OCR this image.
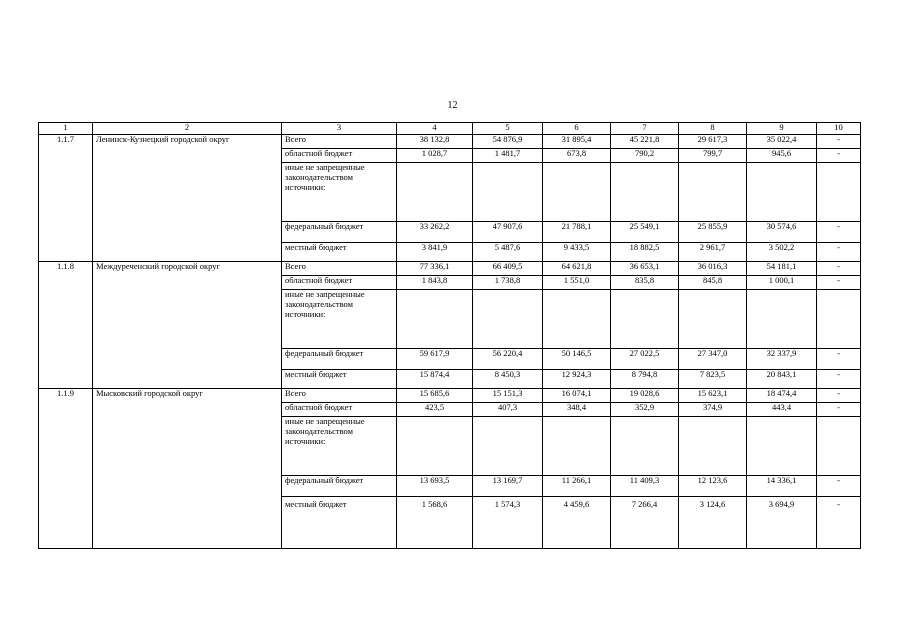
12
1	2	3	4	5	6	7	8	9	10
1.1.7	Ленинск-Кузнецкий городской округ	Всего	38 132,8	54 876,9	31 895,4	45 221,8	29 617,3	35 022,4	-
		областной бюджет	1 028,7	1 481,7	673,8	790,2	799,7	945,6	-
		иные не запрещенные законодательством источники:							
		федеральный бюджет	33 262,2	47 907,6	21 788,1	25 549,1	25 855,9	30 574,6	-
		местный бюджет	3 841,9	5 487,6	9 433,5	18 882,5	2 961,7	3 502,2	-
1.1.8	Междуреченский городской округ	Всего	77 336,1	66 409,5	64 621,8	36 653,1	36 016,3	54 181,1	-
		областной бюджет	1 843,8	1 738,8	1 551,0	835,8	845,8	1 000,1	-
		иные не запрещенные законодательством источники:							
		федеральный бюджет	59 617,9	56 220,4	50 146,5	27 022,5	27 347,0	32 337,9	-
		местный бюджет	15 874,4	8 450,3	12 924,3	8 794,8	7 823,5	20 843,1	-
1.1.9	Мысковский городской округ	Всего	15 685,6	15 151,3	16 074,1	19 028,6	15 623,1	18 474,4	-
		областной бюджет	423,5	407,3	348,4	352,9	374,9	443,4	-
		иные не запрещенные законодательством источники:							
		федеральный бюджет	13 693,5	13 169,7	11 266,1	11 409,3	12 123,6	14 336,1	-
		местный бюджет	1 568,6	1 574,3	4 459,6	7 266,4	3 124,6	3 694,9	-
